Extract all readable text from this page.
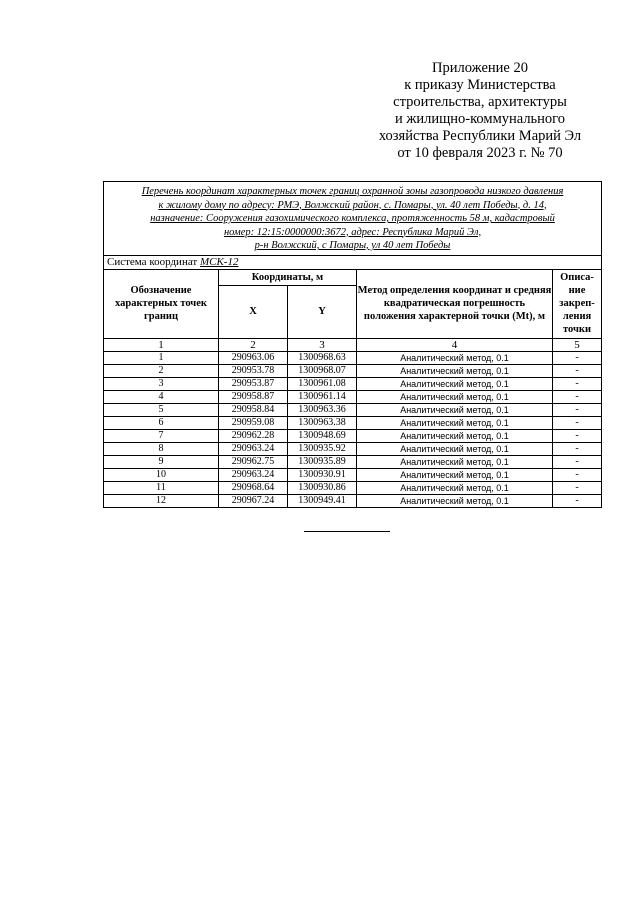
Приложение 20
к приказу Министерства
строительства, архитектуры
и жилищно-коммунального
хозяйства Республики Марий Эл
от 10 февраля 2023 г. № 70
Перечень координат характерных точек границ охранной зоны газопровода низкого давления
к жилому дому по адресу: РМЭ, Волжский район, с. Помары, ул. 40 лет Победы, д. 14,
назначение: Сооружения газохимического комплекса, протяженность 58 м, кадастровый
номер: 12:15:0000000:3672, адрес: Республика Марий Эл,
р-н Волжский, с Помары, ул 40 лет Победы				

Система координат МСК-12				
Обозначение характерных точек границ	Координаты, м		Метод определения координат и средняя квадратическая погрешность положения характерной точки (Mt), м	Описа-ние закреп-ления точки
	X	Y		
1	2	3	4	5
1	290963.06	1300968.63	Аналитический метод, 0.1	-
2	290953.78	1300968.07	Аналитический метод, 0.1	-
3	290953.87	1300961.08	Аналитический метод, 0.1	-
4	290958.87	1300961.14	Аналитический метод, 0.1	-
5	290958.84	1300963.36	Аналитический метод, 0.1	-
6	290959.08	1300963.38	Аналитический метод, 0.1	-
7	290962.28	1300948.69	Аналитический метод, 0.1	-
8	290963.24	1300935.92	Аналитический метод, 0.1	-
9	290962.75	1300935.89	Аналитический метод, 0.1	-
10	290963.24	1300930.91	Аналитический метод, 0.1	-
11	290968.64	1300930.86	Аналитический метод, 0.1	-
12	290967.24	1300949.41	Аналитический метод, 0.1	-
